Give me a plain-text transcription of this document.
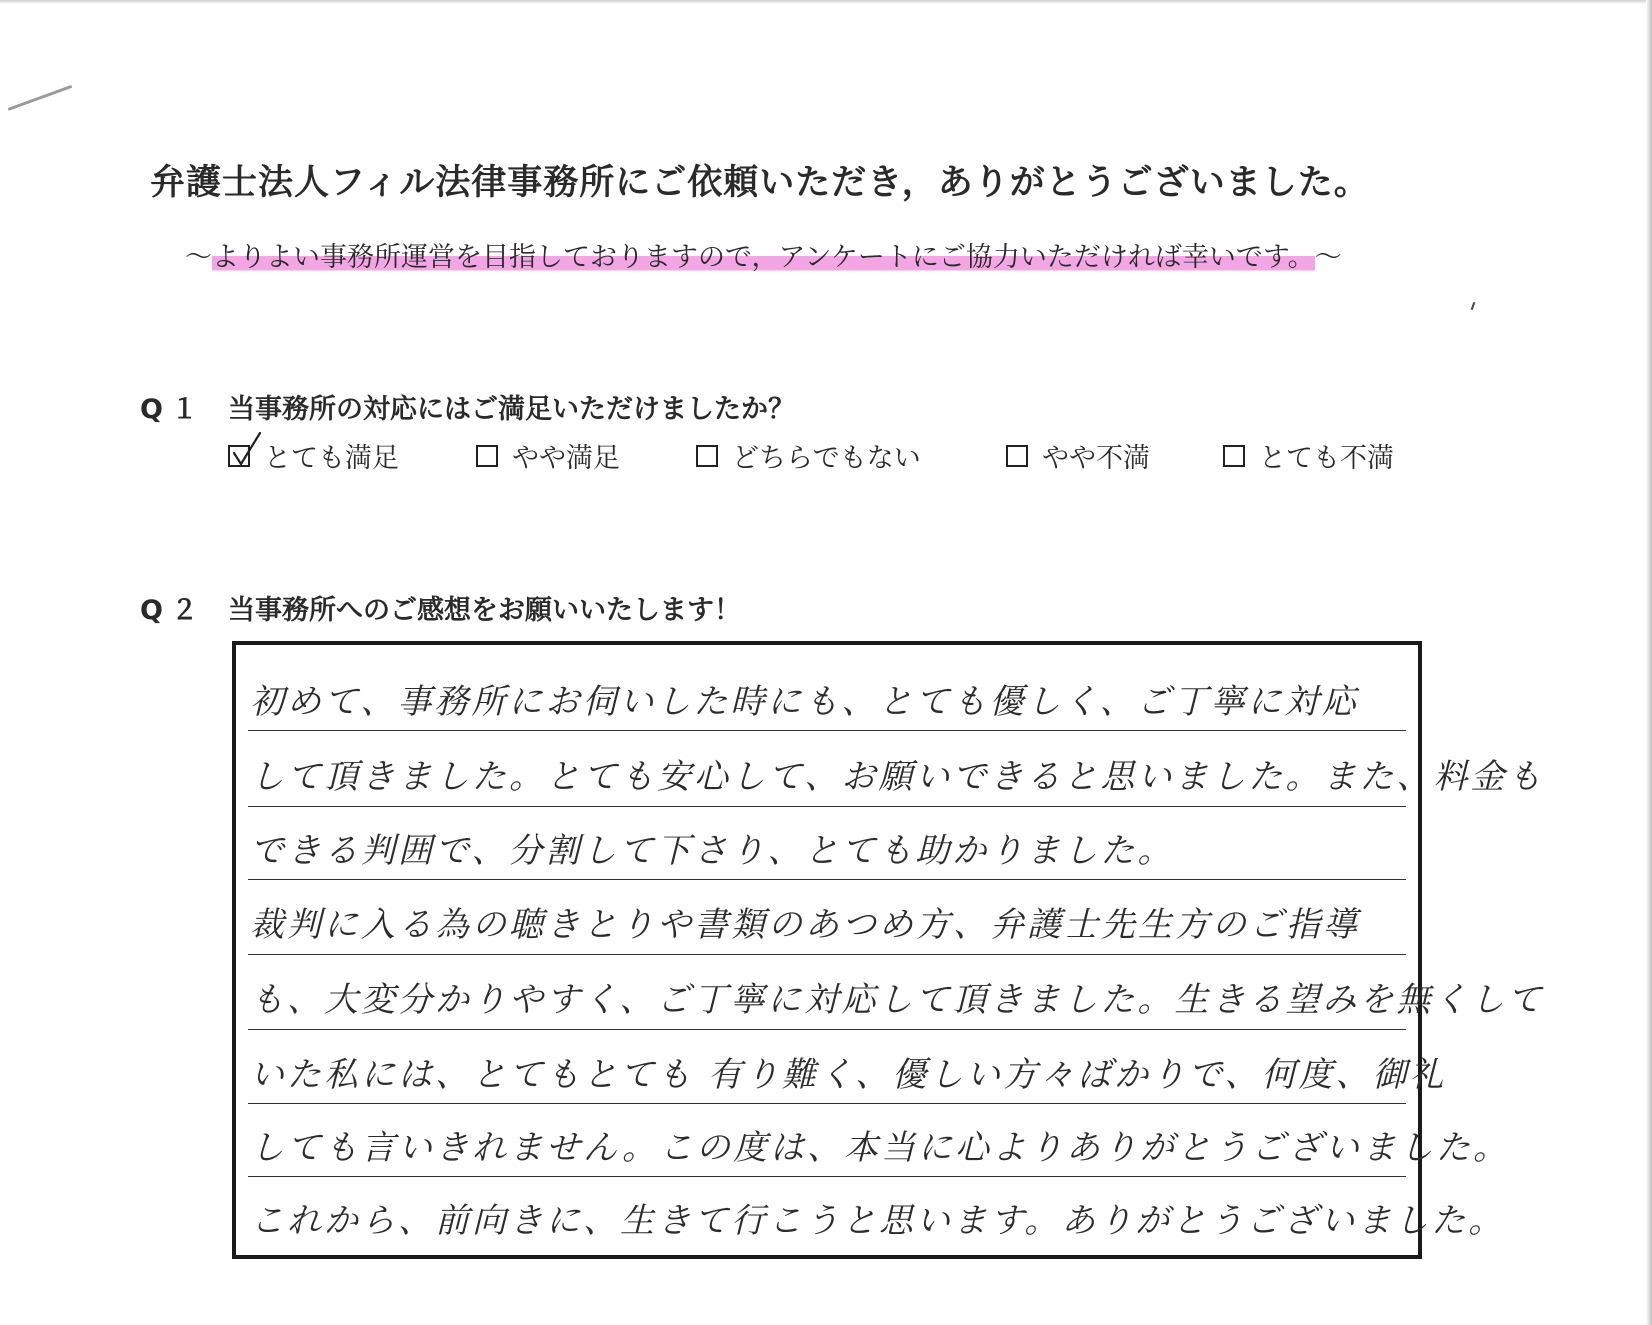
弁護士法人フィル法律事務所にご依頼いただき，ありがとうございました。
～よりよい事務所運営を目指しておりますので，アンケートにご協力いただければ幸いです。～
Q１ 当事務所の対応にはご満足いただけましたか？
とても満足	やや満足	どちらでもない	やや不満	とても不満
Q２ 当事務所へのご感想をお願いいたします！
初めて、事務所にお伺いした時にも、とても優しく、ご丁寧に対応
して頂きました。とても安心して、お願いできると思いました。また、料金も
できる判囲で、分割して下さり、とても助かりました。
裁判に入る為の聴きとりや書類のあつめ方、弁護士先生方のご指導
も、大変分かりやすく、ご丁寧に対応して頂きました。生きる望みを無くして
いた私には、とてもとても 有り難く、優しい方々ばかりで、何度、御礼
しても言いきれません。この度は、本当に心よりありがとうございました。
これから、前向きに、生きて行こうと思います。ありがとうございました。
